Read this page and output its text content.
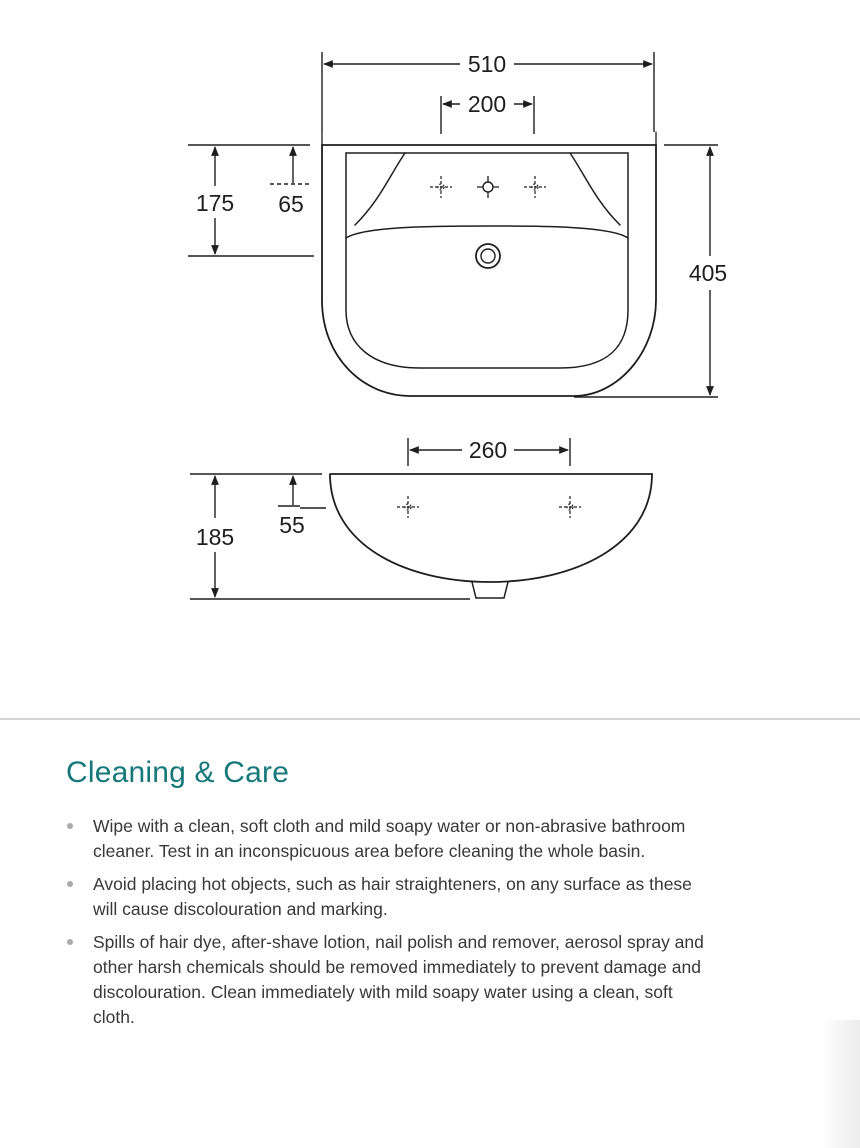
510
200
405
175 65
260
185 55
Cleaning & Care
Wipe with a clean, soft cloth and mild soapy water or non-abrasive bathroom cleaner. Test in an inconspicuous area before cleaning the whole basin.
Avoid placing hot objects, such as hair straighteners, on any surface as these will cause discolouration and marking.
Spills of hair dye, after-shave lotion, nail polish and remover, aerosol spray and other harsh chemicals should be removed immediately to prevent damage and discolouration. Clean immediately with mild soapy water using a clean, soft cloth.
